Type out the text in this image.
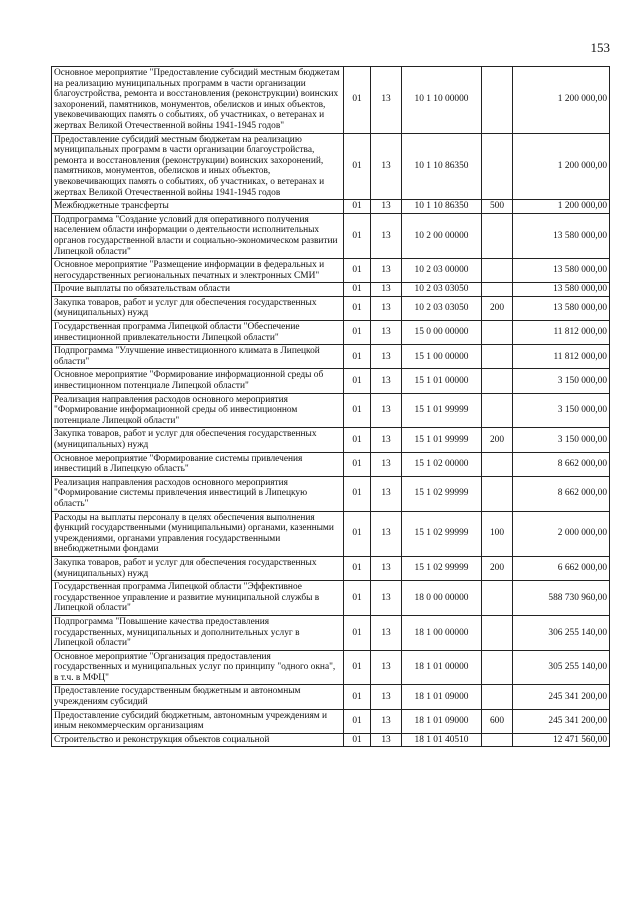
153
Основное мероприятие "Предоставление субсидий местным бюджетам на реализацию муниципальных программ в части организации благоустройства, ремонта и восстановления (реконструкции) воинских захоронений, памятников, монументов, обелисков и иных объектов, увековечивающих память о событиях, об участниках, о ветеранах и жертвах Великой Отечественной войны 1941-1945 годов"	01	13	10 1 10 00000		1 200 000,00
Предоставление субсидий местным бюджетам на реализацию муниципальных программ в части организации благоустройства, ремонта и восстановления (реконструкции) воинских захоронений, памятников, монументов, обелисков и иных объектов, увековечивающих память о событиях, об участниках, о ветеранах и жертвах Великой Отечественной войны 1941-1945 годов	01	13	10 1 10 86350		1 200 000,00
Межбюджетные трансферты	01	13	10 1 10 86350	500	1 200 000,00
Подпрограмма "Создание условий для оперативного получения населением области информации о деятельности исполнительных органов государственной власти и социально-экономическом развитии Липецкой области"	01	13	10 2 00 00000		13 580 000,00
Основное мероприятие "Размещение информации в федеральных и негосударственных региональных печатных и электронных СМИ"	01	13	10 2 03 00000		13 580 000,00
Прочие выплаты по обязательствам области	01	13	10 2 03 03050		13 580 000,00
Закупка товаров, работ и услуг для обеспечения государственных (муниципальных) нужд	01	13	10 2 03 03050	200	13 580 000,00
Государственная программа Липецкой области "Обеспечение инвестиционной привлекательности Липецкой области"	01	13	15 0 00 00000		11 812 000,00
Подпрограмма "Улучшение инвестиционного климата в Липецкой области"	01	13	15 1 00 00000		11 812 000,00
Основное мероприятие "Формирование информационной среды об инвестиционном потенциале Липецкой области"	01	13	15 1 01 00000		3 150 000,00
Реализация направления расходов основного мероприятия "Формирование информационной среды об инвестиционном потенциале Липецкой области"	01	13	15 1 01 99999		3 150 000,00
Закупка товаров, работ и услуг для обеспечения государственных (муниципальных) нужд	01	13	15 1 01 99999	200	3 150 000,00
Основное мероприятие "Формирование системы привлечения инвестиций в Липецкую область"	01	13	15 1 02 00000		8 662 000,00
Реализация направления расходов основного мероприятия "Формирование системы привлечения инвестиций в Липецкую область"	01	13	15 1 02 99999		8 662 000,00
Расходы на выплаты персоналу в целях обеспечения выполнения функций государственными (муниципальными) органами, казенными учреждениями, органами управления государственными внебюджетными фондами	01	13	15 1 02 99999	100	2 000 000,00
Закупка товаров, работ и услуг для обеспечения государственных (муниципальных) нужд	01	13	15 1 02 99999	200	6 662 000,00
Государственная программа Липецкой области "Эффективное государственное управление и развитие муниципальной службы в Липецкой области"	01	13	18 0 00 00000		588 730 960,00
Подпрограмма "Повышение качества предоставления государственных, муниципальных и дополнительных услуг в Липецкой области"	01	13	18 1 00 00000		306 255 140,00
Основное мероприятие "Организация предоставления государственных и муниципальных услуг по принципу "одного окна", в т.ч. в МФЦ"	01	13	18 1 01 00000		305 255 140,00
Предоставление государственным бюджетным и автономным учреждениям субсидий	01	13	18 1 01 09000		245 341 200,00
Предоставление субсидий бюджетным, автономным учреждениям и иным некоммерческим организациям	01	13	18 1 01 09000	600	245 341 200,00
Строительство и реконструкция объектов социальной	01	13	18 1 01 40510		12 471 560,00
